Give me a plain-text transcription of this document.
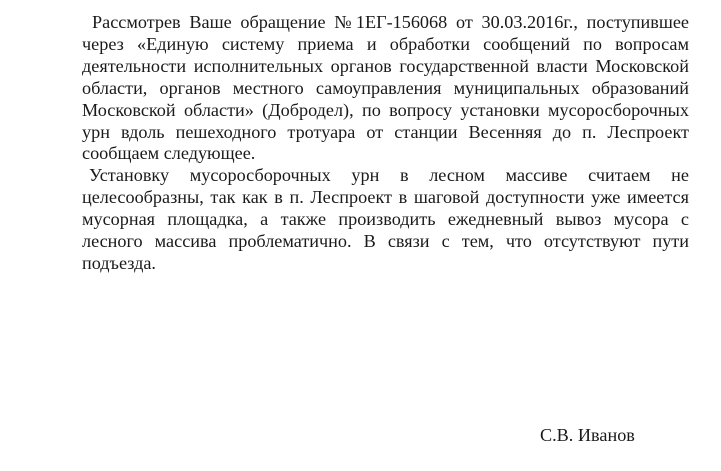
Рассмотрев Ваше обращение №1ЕГ-156068 от 30.03.2016г., поступившее через «Единую систему приема и обработки сообщений по вопросам деятельности исполнительных органов государственной власти Московской области, органов местного самоуправления муниципальных образований Московской области» (Добродел), по вопросу установки мусоросборочных урн вдоль пешеходного тротуара от станции Весенняя до п. Леспроект сообщаем следующее.

Установку мусоросборочных урн в лесном массиве считаем не целесообразны, так как в п. Леспроект в шаговой доступности уже имеется мусорная площадка, а также производить ежедневный вывоз мусора с лесного массива проблематично. В связи с тем, что отсутствуют пути подъезда.

С.В. Иванов
